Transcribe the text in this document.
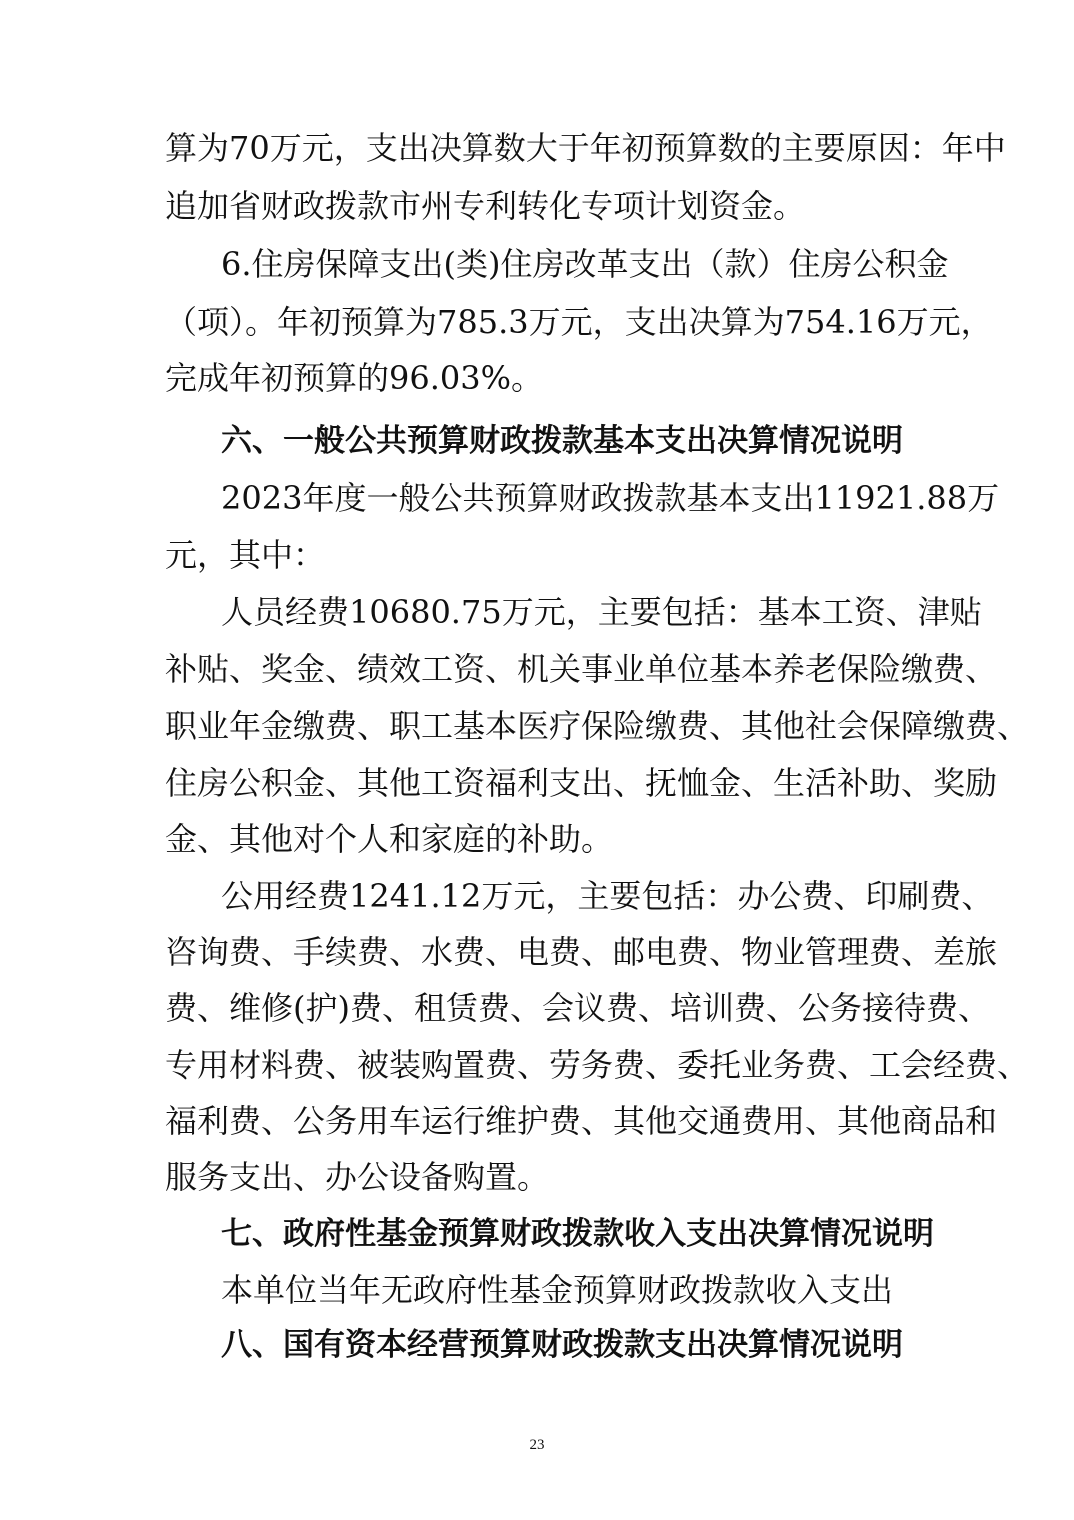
算为70万元，支出决算数大于年初预算数的主要原因：年中
追加省财政拨款市州专利转化专项计划资金。
6.住房保障支出(类)住房改革支出（款）住房公积金
（项）。年初预算为785.3万元，支出决算为754.16万元，
完成年初预算的96.03%。
六、一般公共预算财政拨款基本支出决算情况说明
2023年度一般公共预算财政拨款基本支出11921.88万
元，其中：
人员经费10680.75万元，主要包括：基本工资、津贴
补贴、奖金、绩效工资、机关事业单位基本养老保险缴费、
职业年金缴费、职工基本医疗保险缴费、其他社会保障缴费、
住房公积金、其他工资福利支出、抚恤金、生活补助、奖励
金、其他对个人和家庭的补助。
公用经费1241.12万元，主要包括：办公费、印刷费、
咨询费、手续费、水费、电费、邮电费、物业管理费、差旅
费、维修(护)费、租赁费、会议费、培训费、公务接待费、
专用材料费、被装购置费、劳务费、委托业务费、工会经费、
福利费、公务用车运行维护费、其他交通费用、其他商品和
服务支出、办公设备购置。
七、政府性基金预算财政拨款收入支出决算情况说明
本单位当年无政府性基金预算财政拨款收入支出
八、国有资本经营预算财政拨款支出决算情况说明
23
